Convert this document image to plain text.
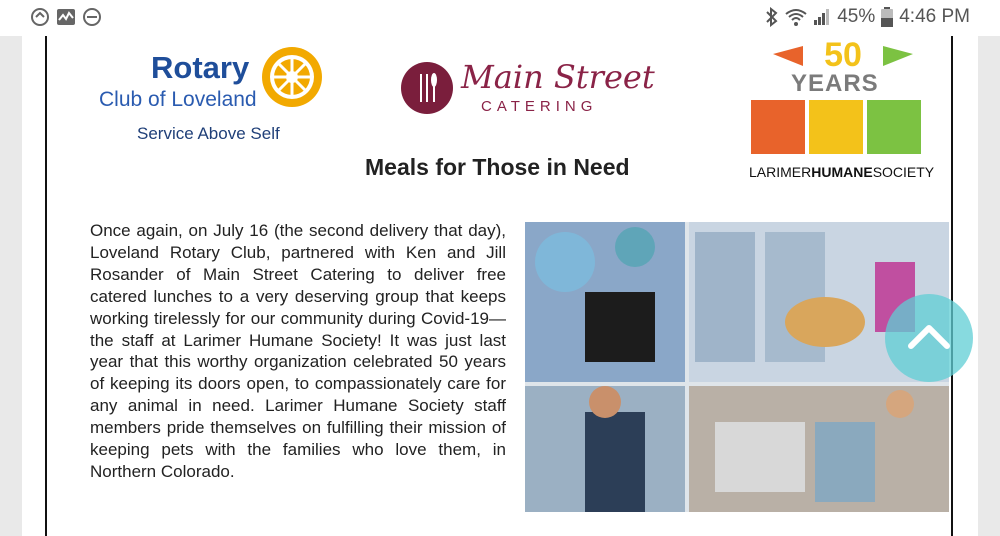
45% 4:46 PM
Rotary
Club of Loveland
Service Above Self
Main Street
CATERING
50
YEARS
LARIMERHUMANESOCIETY
Meals for Those in Need
Once again, on July 16 (the second delivery that day), Loveland Rotary Club, partnered with Ken and Jill Rosander of Main Street Catering to deliver free catered lunches to a very deserving group that keeps working tirelessly for our community during Covid-19—the staff at Larimer Humane Society! It was just last year that this worthy organization celebrated 50 years of keeping its doors open, to compassionately care for any animal in need. Larimer Humane Society staff members pride themselves on fulfilling their mission of keeping pets with the families who love them, in Northern Colorado.
